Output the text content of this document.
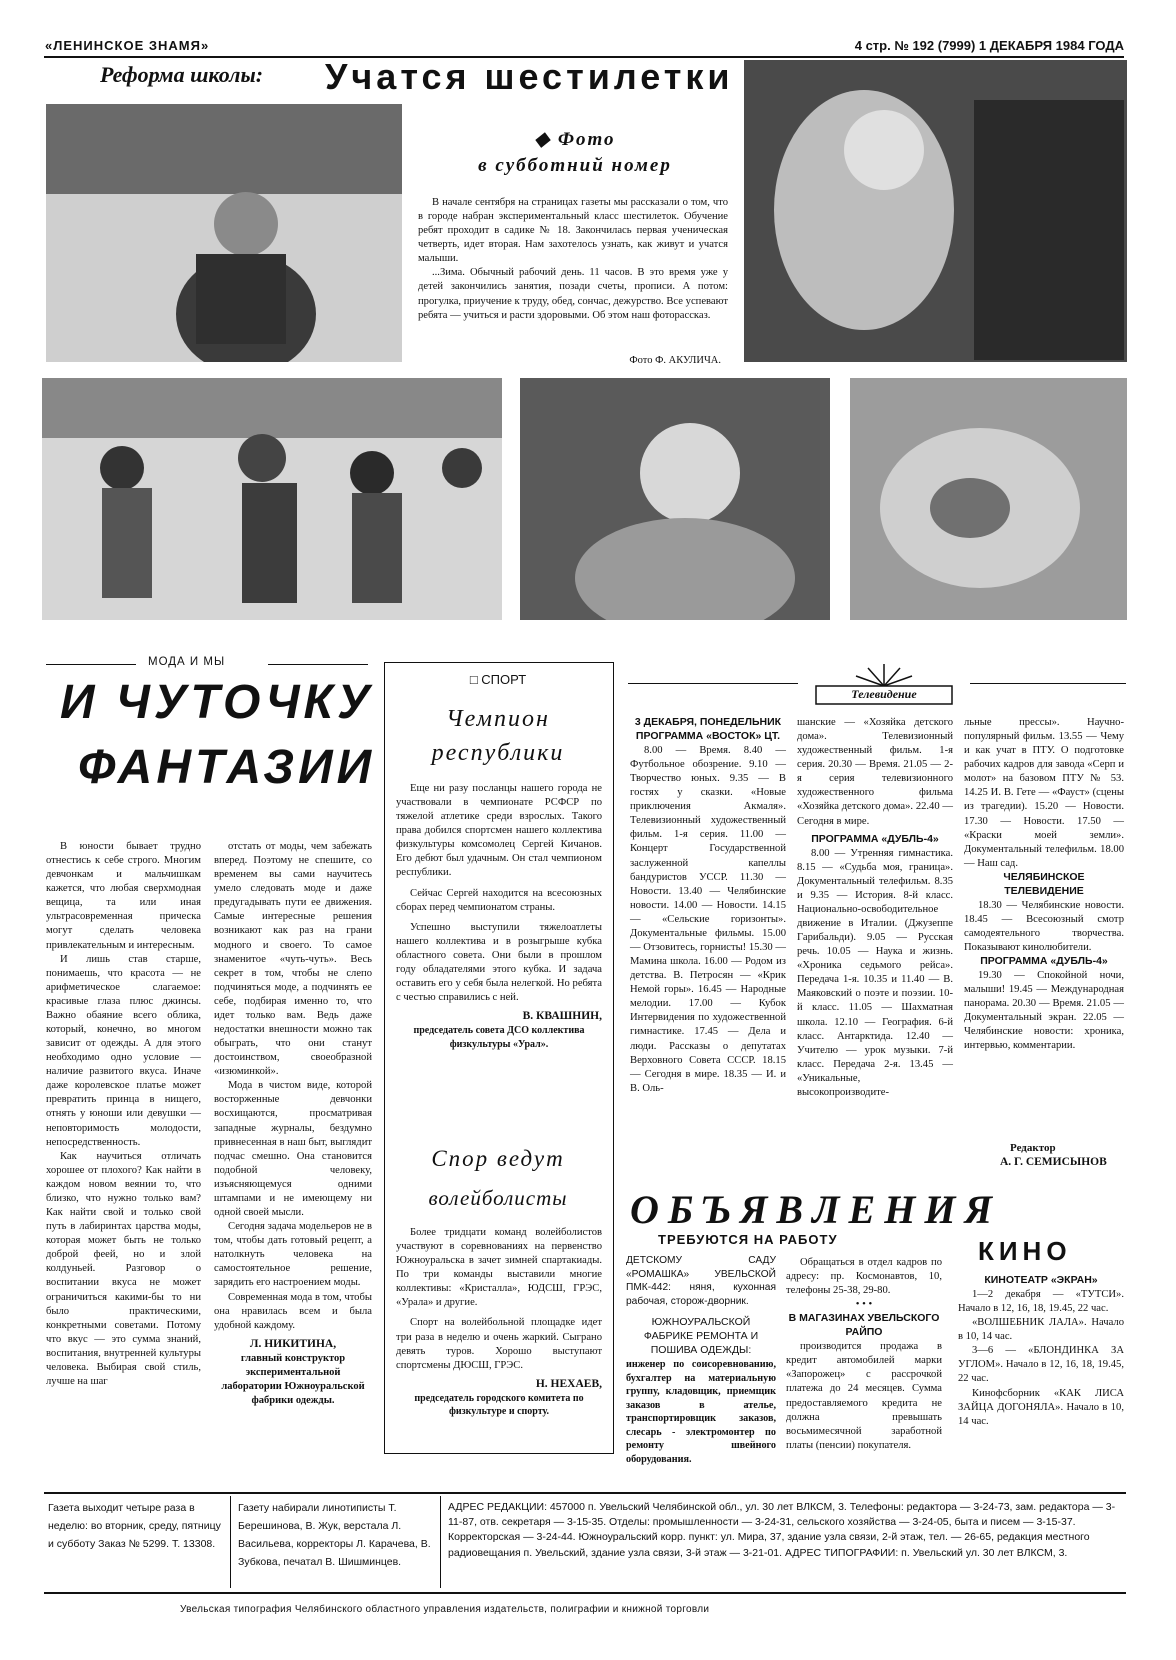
«ЛЕНИНСКОЕ ЗНАМЯ»	4 стр. № 192 (7999) 1 ДЕКАБРЯ 1984 ГОДА
Реформа школы: Учатся шестилетки
◆ Фото
в субботний номер

В начале сентября на страницах газеты мы рассказали о том, что в городе набран экспериментальный класс шестилеток. Обучение ребят проходит в садике № 18. Закончилась первая ученическая четверть, идет вторая. Нам захотелось узнать, как живут и учатся малыши.

...Зима. Обычный рабочий день. 11 часов. В это время уже у детей закончились занятия, позади счеты, прописи. А потом: прогулка, приучение к труду, обед, сончас, дежурство. Все успевают ребята — учиться и расти здоровыми. Об этом наш фоторассказ.

Фото Ф. АКУЛИЧА.
МОДА И МЫ
И ЧУТОЧКУ
ФАНТАЗИИ

В юности бывает трудно отнестись к себе строго. Многим девчонкам и мальчишкам кажется, что любая сверхмодная вещица, та или иная ультрасовременная прическа могут сделать человека привлекательным и интересным.

И лишь став старше, понимаешь, что красота — не арифметическое слагаемое: красивые глаза плюс джинсы. Важно обаяние всего облика, который, конечно, во многом зависит от одежды. А для этого необходимо одно условие — наличие развитого вкуса. Иначе даже королевское платье может превратить принца в нищего, отнять у юноши или девушки — неповторимость молодости, непосредственность.

Как научиться отличать хорошее от плохого? Как найти в каждом новом веянии то, что близко, что нужно только вам? Как найти свой и только свой путь в лабиринтах царства моды, которая может быть не только доброй феей, но и злой колдуньей. Разговор о воспитании вкуса не может ограничиться какими-бы то ни было практическими, конкретными советами. Потому что вкус — это сумма знаний, воспитания, внутренней культуры человека. Выбирая свой стиль, лучше на шаг

отстать от моды, чем забежать вперед. Поэтому не спешите, со временем вы сами научитесь умело следовать моде и даже предугадывать пути ее движения. Самые интересные решения возникают как раз на грани модного и своего. То самое знаменитое «чуть-чуть». Весь секрет в том, чтобы не слепо подчиняться моде, а подчинять ее себе, подбирая именно то, что идет только вам. Ведь даже недостатки внешности можно так обыграть, что они станут достоинством, своеобразной «изюминкой».

Мода в чистом виде, которой восторженные девчонки восхищаются, просматривая западные журналы, бездумно привнесенная в наш быт, выглядит подчас смешно. Она становится подобной человеку, изъясняющемуся одними штампами и не имеющему ни одной своей мысли.

Сегодня задача модельеров не в том, чтобы дать готовый рецепт, а натолкнуть человека на самостоятельное решение, зарядить его настроением моды.

Современная мода в том, чтобы она нравилась всем и была удобной каждому.

Л. НИКИТИНА,

главный конструктор экспериментальной лаборатории Южноуральской фабрики одежды.

□ СПОРТ
Чемпион
республики

Еще ни разу посланцы нашего города не участвовали в чемпионате РСФСР по тяжелой атлетике среди взрослых. Такого права добился спортсмен нашего коллектива физкультуры комсомолец Сергей Кичанов. Его дебют был удачным. Он стал чемпионом республики.

Сейчас Сергей находится на всесоюзных сборах перед чемпионатом страны.

Успешно выступили тяжелоатлеты нашего коллектива и в розыгрыше кубка областного совета. Они были в прошлом году обладателями этого кубка. И задача оставить его у себя была нелегкой. Но ребята с честью справились с ней.

В. КВАШНИН,

председатель совета ДСО коллектива физкультуры «Урал».

Спор ведут
волейболисты

Более тридцати команд волейболистов участвуют в соревнованиях на первенство Южноуральска в зачет зимней спартакиады. По три команды выставили многие коллективы: «Кристалла», ЮДСШ, ГРЭС, «Урала» и другие.

Спорт на волейбольной площадке идет три раза в неделю и очень жаркий. Сыграно девять туров. Хорошо выступают спортсмены ДЮСШ, ГРЭС.

Н. НЕХАЕВ,

председатель городского комитета по физкультуре и спорту.

Телевидение

3 ДЕКАБРЯ, ПОНЕДЕЛЬНИК ПРОГРАММА «ВОСТОК» ЦТ.

8.00 — Время. 8.40 — Футбольное обозрение. 9.10 — Творчество юных. 9.35 — В гостях у сказки. «Новые приключения Акмаля». Телевизионный художественный фильм. 1-я серия. 11.00 — Концерт Государственной заслуженной капеллы бандуристов УССР. 11.30 — Новости. 13.40 — Челябинские новости. 14.00 — Новости. 14.15 — «Сельские горизонты». Документальные фильмы. 15.00 — Отзовитесь, горнисты! 15.30 — Мамина школа. 16.00 — Родом из детства. В. Петросян — «Крик Немой горы». 16.45 — Народные мелодии. 17.00 — Кубок Интервидения по художественной гимнастике. 17.45 — Дела и люди. Рассказы о депутатах Верховного Совета СССР. 18.15 — Сегодня в мире. 18.35 — И. и В. Оль-

шанские — «Хозяйка детского дома». Телевизионный художественный фильм. 1-я серия. 20.30 — Время. 21.05 — 2-я серия телевизионного художественного фильма «Хозяйка детского дома». 22.40 — Сегодня в мире.

ПРОГРАММА «ДУБЛЬ-4»

8.00 — Утренняя гимнастика. 8.15 — «Судьба моя, граница». Документальный телефильм. 8.35 и 9.35 — История. 8-й класс. Национально-освободительное движение в Италии. (Джузеппе Гарибальди). 9.05 — Русская речь. 10.05 — Наука и жизнь. «Хроника седьмого рейса». Передача 1-я. 10.35 и 11.40 — В. Маяковский о поэте и поэзии. 10-й класс. 11.05 — Шахматная школа. 12.10 — География. 6-й класс. Антарктида. 12.40 — Учителю — урок музыки. 7-й класс. Передача 2-я. 13.45 — «Уникальные, высокопроизводите-

льные прессы». Научно-популярный фильм. 13.55 — Чему и как учат в ПТУ. О подготовке рабочих кадров для завода «Серп и молот» на базовом ПТУ № 53. 14.25 И. В. Гете — «Фауст» (сцены из трагедии). 15.20 — Новости. 17.30 — Новости. 17.50 — «Краски моей земли». Документальный телефильм. 18.00 — Наш сад.

ЧЕЛЯБИНСКОЕ ТЕЛЕВИДЕНИЕ

18.30 — Челябинские новости. 18.45 — Всесоюзный смотр самодеятельного творчества. Показывают кинолюбители.

ПРОГРАММА «ДУБЛЬ-4»

19.30 — Спокойной ночи, малыши! 19.45 — Международная панорама. 20.30 — Время. 21.05 — Документальный экран. 22.05 — Челябинские новости: хроника, интервью, комментарии.

Редактор
А. Г. СЕМИСЫНОВ
ОБЪЯВЛЕНИЯ
ТРЕБУЮТСЯ НА РАБОТУ

ДЕТСКОМУ САДУ «РОМАШКА» УВЕЛЬСКОЙ ПМК-442: няня, кухонная рабочая, сторож-дворник.

ЮЖНОУРАЛЬСКОЙ ФАБРИКЕ РЕМОНТА И ПОШИВА ОДЕЖДЫ:

инженер по соисоревнованию, бухгалтер на материальную группу, кладовщик, приемщик заказов в ателье, транспортировщик заказов, слесарь - электромонтер по ремонту швейного оборудования.

Обращаться в отдел кадров по адресу: пр. Космонавтов, 10, телефоны 25-38, 29-80.

• • •

В МАГАЗИНАХ УВЕЛЬСКОГО РАЙПО

производится продажа в кредит автомобилей марки «Запорожец» с рассрочкой платежа до 24 месяцев. Сумма предоставляемого кредита не должна превышать восьмимесячной заработной платы (пенсии) покупателя.

КИНО

КИНОТЕАТР «ЭКРАН»

1—2 декабря — «ТУТСИ». Начало в 12, 16, 18, 19.45, 22 час.

«ВОЛШЕБНИК ЛАЛА». Начало в 10, 14 час.

3—6 — «БЛОНДИНКА ЗА УГЛОМ». Начало в 12, 16, 18, 19.45, 22 час.

Кинофсборник «КАК ЛИСА ЗАЙЦА ДОГОНЯЛА». Начало в 10, 14 час.

Газета выходит четыре раза в неделю: во вторник, среду, пятницу и субботу Заказ № 5299. Т. 13308.
Газету набирали линотиписты Т. Берешинова, В. Жук, верстала Л. Васильева, корректоры Л. Карачева, В. Зубкова, печатал В. Шишминцев.
АДРЕС РЕДАКЦИИ: 457000 п. Увельский Челябинской обл., ул. 30 лет ВЛКСМ, 3. Телефоны: редактора — 3-24-73, зам. редактора — 3-11-87, отв. секретаря — 3-15-35. Отделы: промышленности — 3-24-31, сельского хозяйства — 3-24-05, быта и писем — 3-15-37. Корректорская — 3-24-44. Южноуральский корр. пункт: ул. Мира, 37, здание узла связи, 2-й этаж, тел. — 26-65, редакция местного радиовещания п. Увельский, здание узла связи, 3-й этаж — 3-21-01. АДРЕС ТИПОГРАФИИ: п. Увельский ул. 30 лет ВЛКСМ, 3.
Увельская типография Челябинского областного управления издательств, полиграфии и книжной торговли
